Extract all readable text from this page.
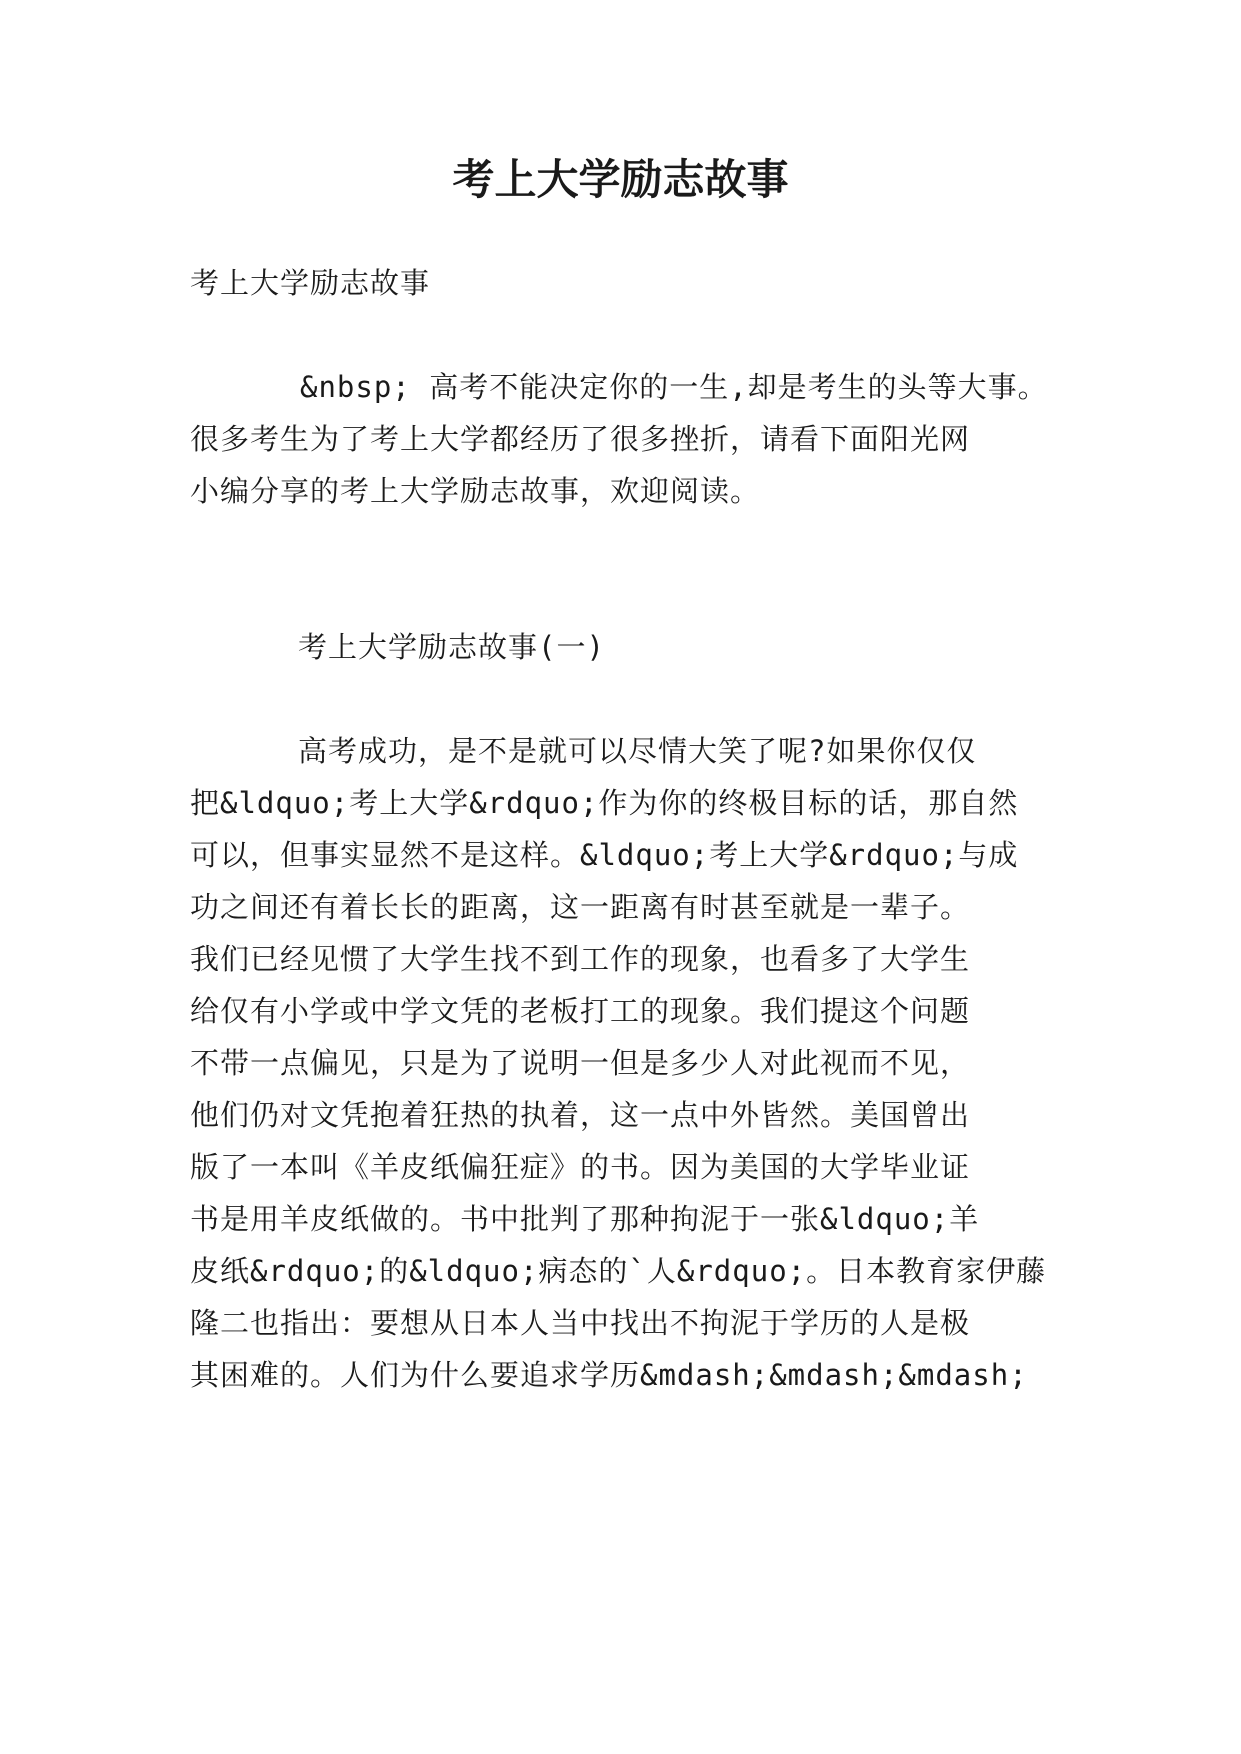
考上大学励志故事

考上大学励志故事

&nbsp; 高考不能决定你的一生,却是考生的头等大事。

很多考生为了考上大学都经历了很多挫折，请看下面阳光网

小编分享的考上大学励志故事，欢迎阅读。

考上大学励志故事(一)

高考成功，是不是就可以尽情大笑了呢?如果你仅仅

把&ldquo;考上大学&rdquo;作为你的终极目标的话，那自然

可以，但事实显然不是这样。&ldquo;考上大学&rdquo;与成

功之间还有着长长的距离，这一距离有时甚至就是一辈子。

我们已经见惯了大学生找不到工作的现象，也看多了大学生

给仅有小学或中学文凭的老板打工的现象。我们提这个问题

不带一点偏见，只是为了说明一但是多少人对此视而不见，

他们仍对文凭抱着狂热的执着，这一点中外皆然。美国曾出

版了一本叫《羊皮纸偏狂症》的书。因为美国的大学毕业证

书是用羊皮纸做的。书中批判了那种拘泥于一张&ldquo;羊

皮纸&rdquo;的&ldquo;病态的`人&rdquo;。日本教育家伊藤

隆二也指出：要想从日本人当中找出不拘泥于学历的人是极

其困难的。人们为什么要追求学历&mdash;&mdash;&mdash;
